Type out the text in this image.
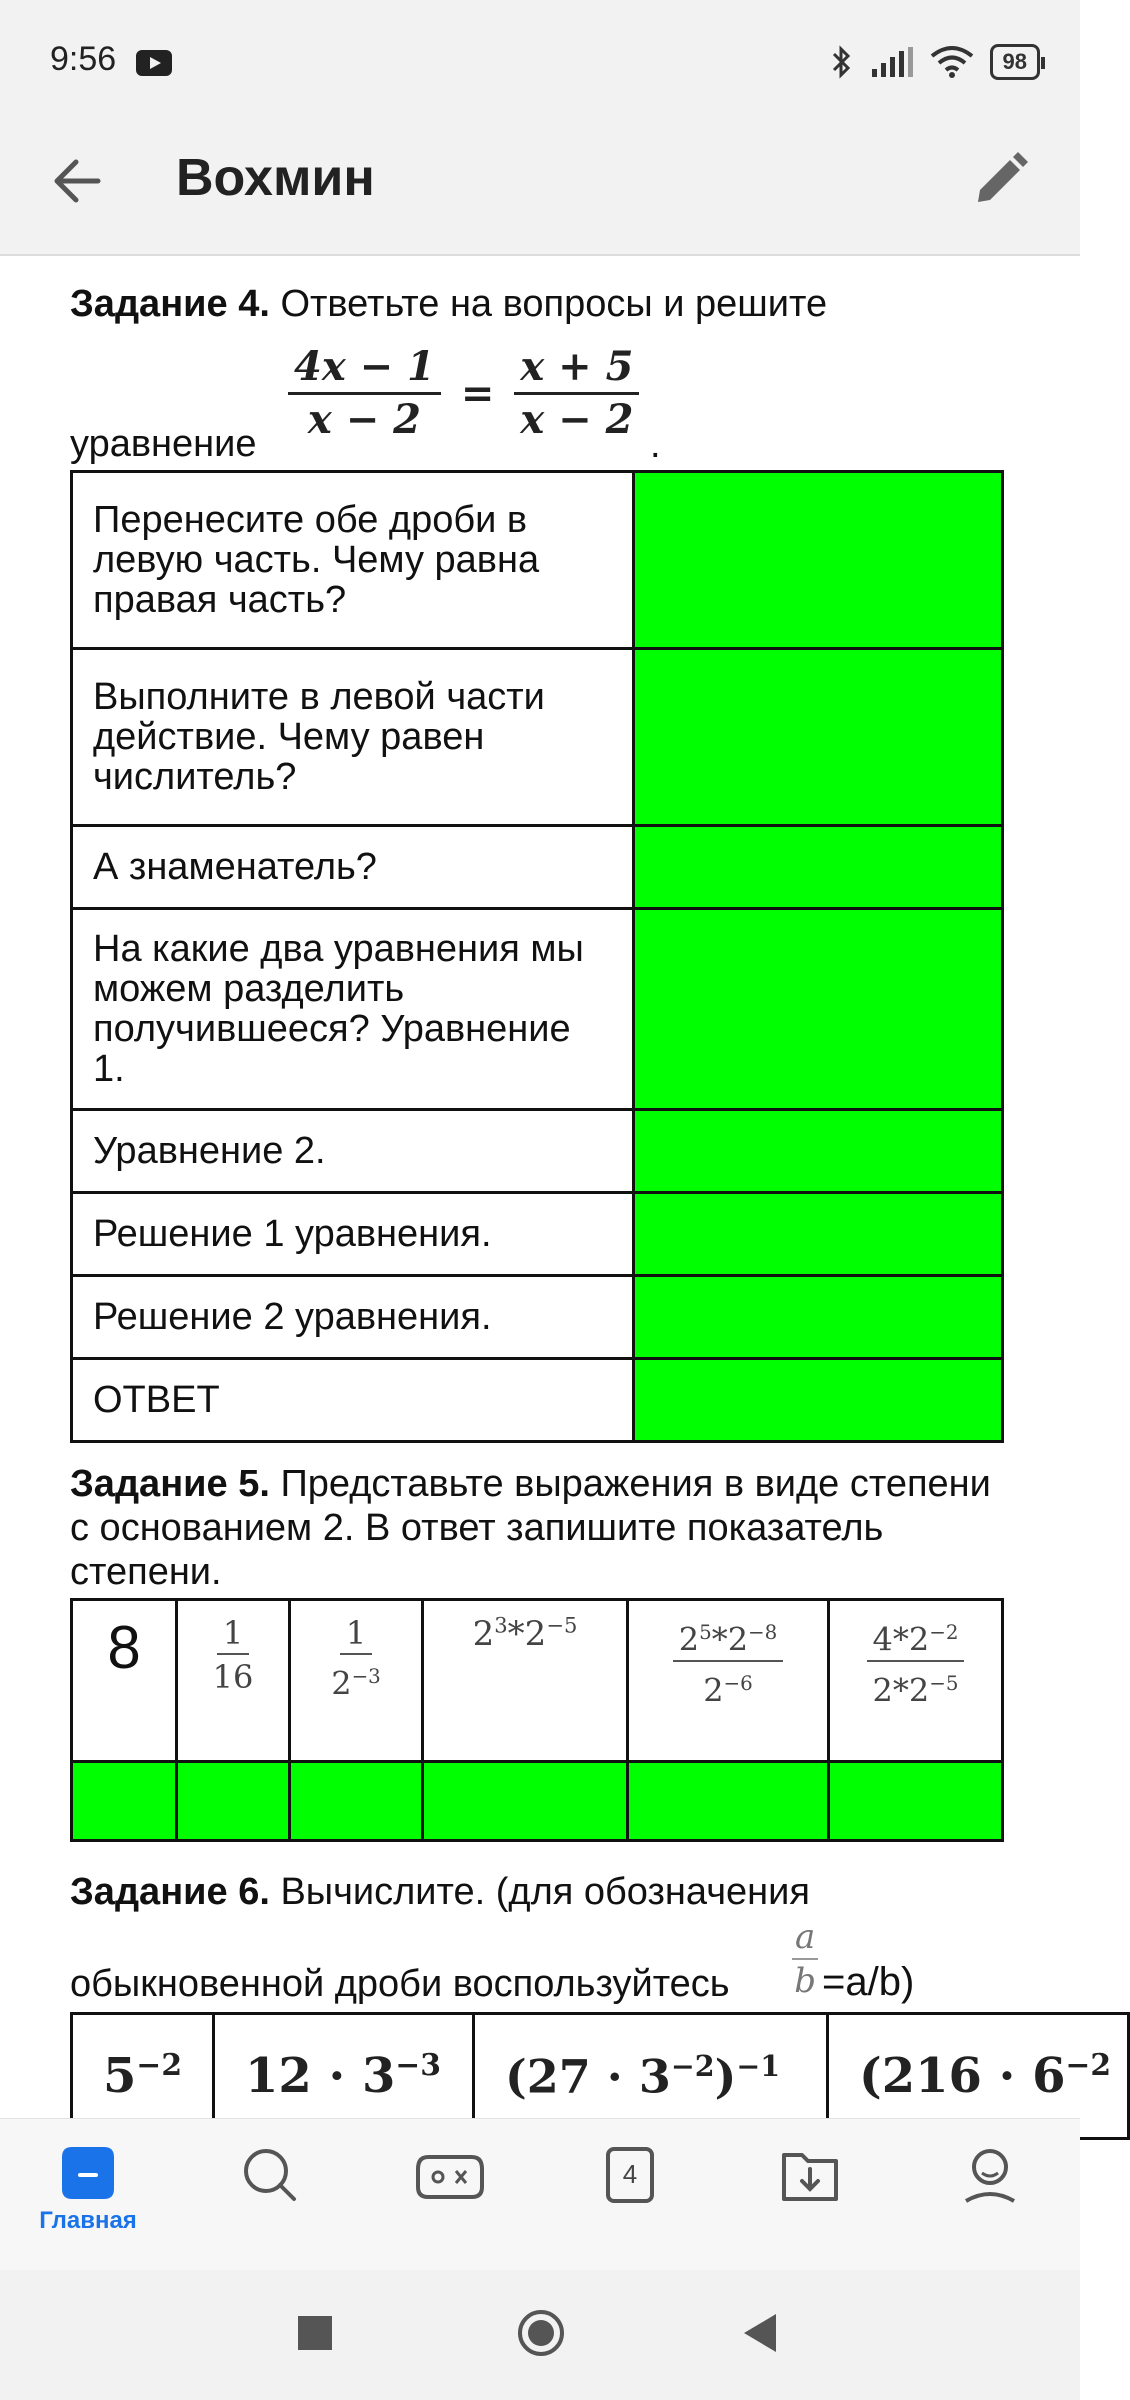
9:56	98
Вохмин
Задание 4. Ответьте на вопросы и решите
уравнение $\frac{4x - 1}{x - 2} = \frac{x + 5}{x - 2}$ .
Перенесите обе дроби в левую часть. Чему равна правая часть?	
Выполните в левой части действие. Чему равен числитель?	
А знаменатель?	
На какие два уравнения мы можем разделить получившееся? Уравнение 1.	
Уравнение 2.	
Решение 1 уравнения.	
Решение 2 уравнения.	
ОТВЕТ	
Задание 5. Представьте выражения в виде степени с основанием 2. В ответ запишите показатель степени.
8	$\frac{1}{16}$	$\frac{1}{2^{-3}}$	$2^3*2^{-5}$	$\frac{2^5*2^{-8}}{2^{-6}}$	$\frac{4*2^{-2}}{2*2^{-5}}$

Задание 6. Вычислите. (для обозначения
обыкновенной дроби воспользуйтесь $\frac{a}{b} =a/b$)
$5^{-2}$	$12 \cdot 3^{-3}$	$(27 \cdot 3^{-2})^{-1}$	($216 \cdot 6^{-2}$
Главная
4
